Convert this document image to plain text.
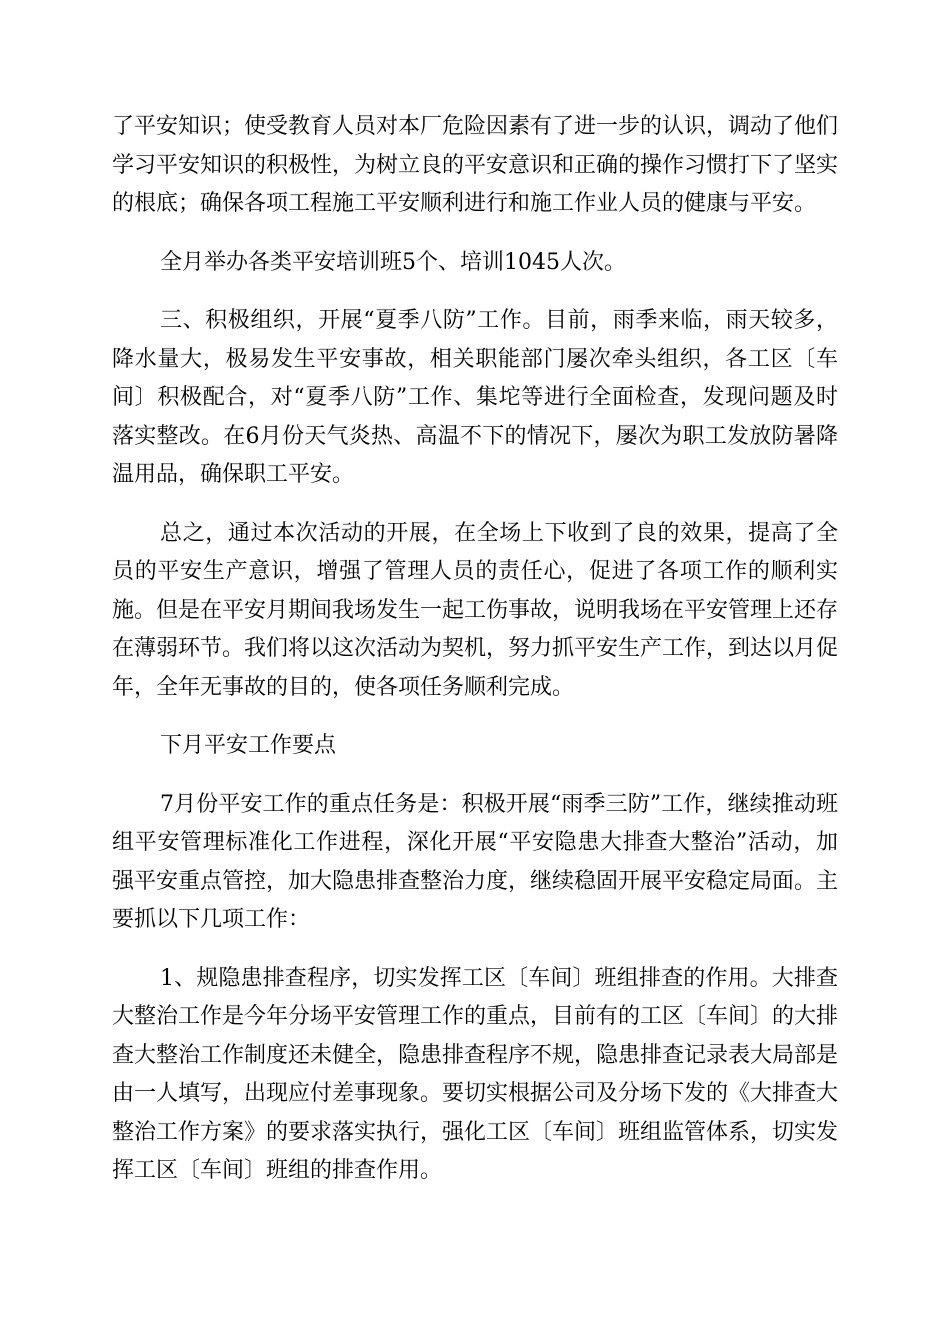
了平安知识；使受教育人员对本厂危险因素有了进一步的认识，调动了他们学习平安知识的积极性，为树立良的平安意识和正确的操作习惯打下了坚实的根底；确保各项工程施工平安顺利进行和施工作业人员的健康与平安。

全月举办各类平安培训班5个、培训1045人次。

三、积极组织，开展“夏季八防”工作。目前，雨季来临，雨天较多，降水量大，极易发生平安事故，相关职能部门屡次牵头组织，各工区〔车间〕积极配合，对“夏季八防”工作、集坨等进行全面检查，发现问题及时落实整改。在6月份天气炎热、高温不下的情况下，屡次为职工发放防暑降温用品，确保职工平安。

总之，通过本次活动的开展，在全场上下收到了良的效果，提高了全员的平安生产意识，增强了管理人员的责任心，促进了各项工作的顺利实施。但是在平安月期间我场发生一起工伤事故，说明我场在平安管理上还存在薄弱环节。我们将以这次活动为契机，努力抓平安生产工作，到达以月促年，全年无事故的目的，使各项任务顺利完成。

下月平安工作要点

7月份平安工作的重点任务是：积极开展“雨季三防”工作，继续推动班组平安管理标准化工作进程，深化开展“平安隐患大排查大整治”活动，加强平安重点管控，加大隐患排查整治力度，继续稳固开展平安稳定局面。主要抓以下几项工作：

1、规隐患排查程序，切实发挥工区〔车间〕班组排查的作用。大排查大整治工作是今年分场平安管理工作的重点，目前有的工区〔车间〕的大排查大整治工作制度还未健全，隐患排查程序不规，隐患排查记录表大局部是由一人填写，出现应付差事现象。要切实根据公司及分场下发的《大排查大整治工作方案》的要求落实执行，强化工区〔车间〕班组监管体系，切实发挥工区〔车间〕班组的排查作用。
